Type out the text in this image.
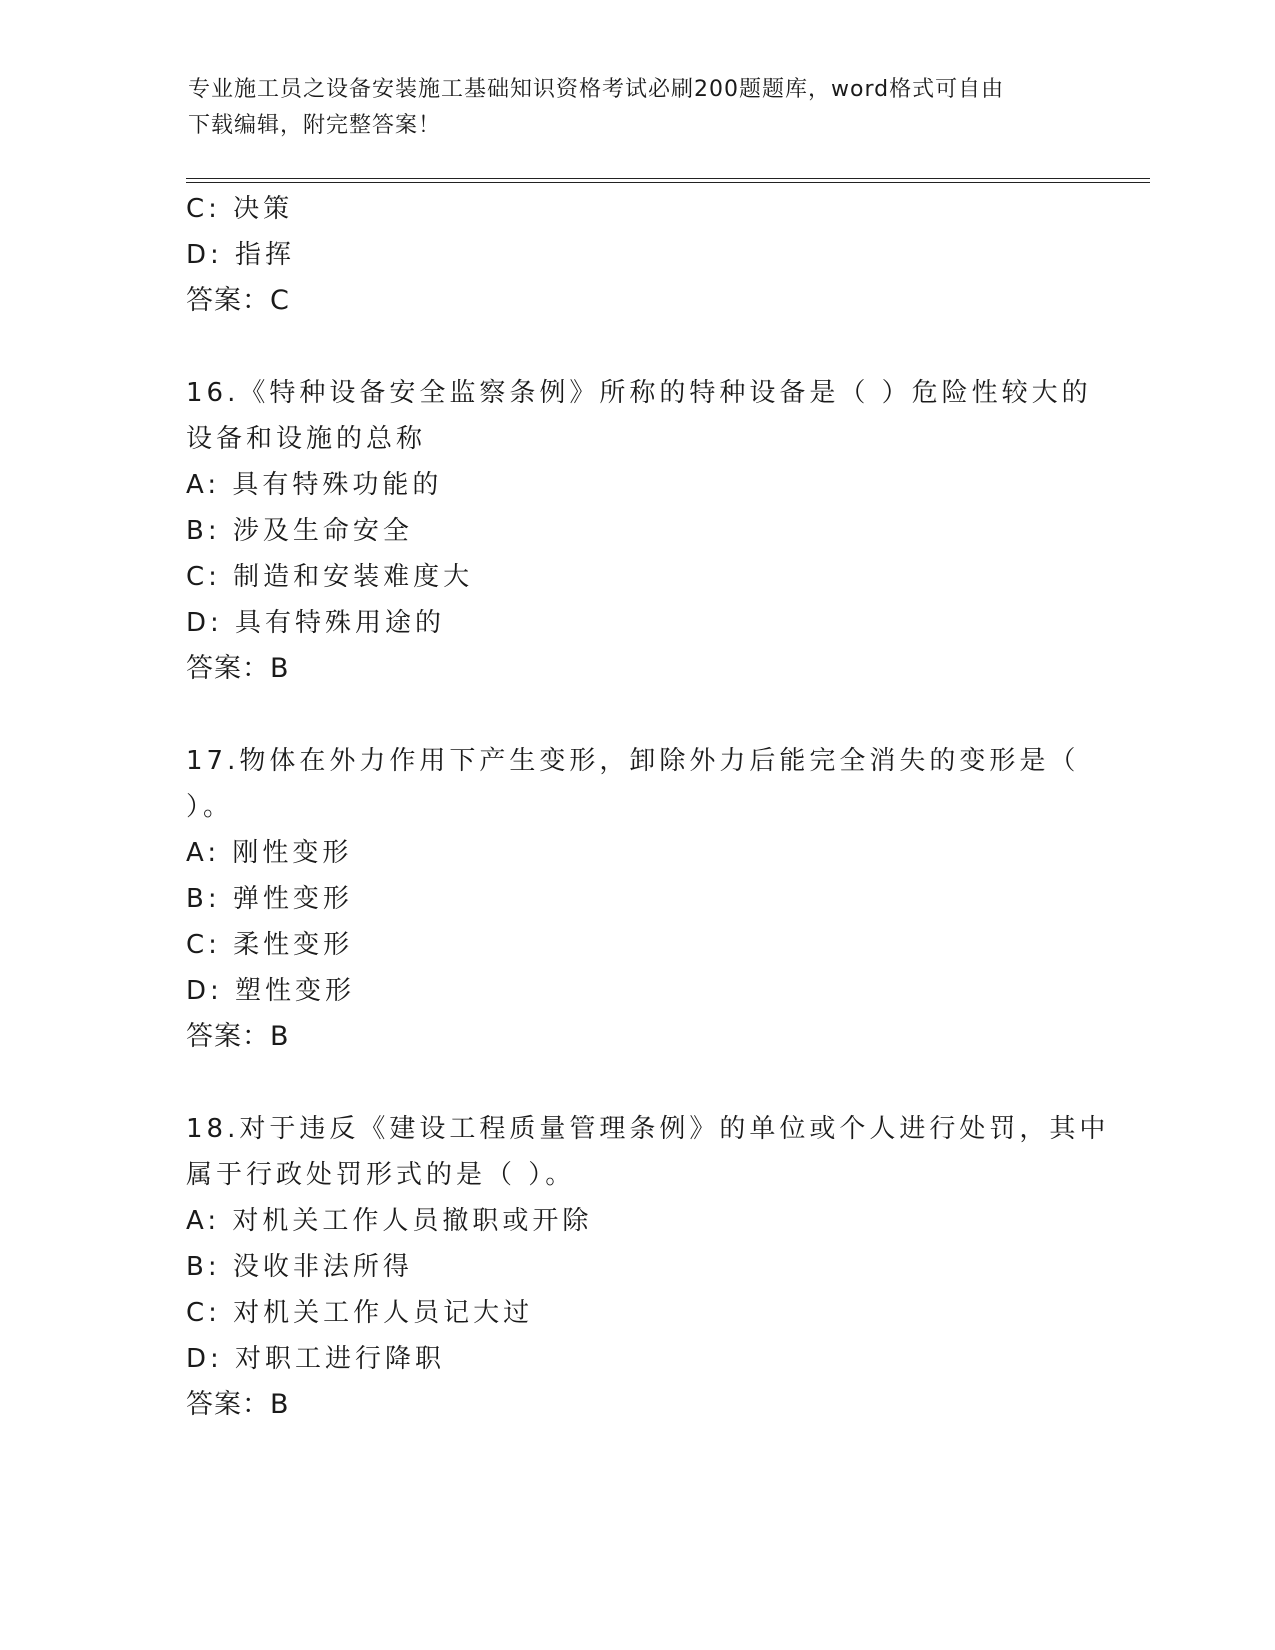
专业施工员之设备安装施工基础知识资格考试必刷200题题库，word格式可自由
下载编辑，附完整答案！
C: 决策
D: 指挥
答案：C
16.《特种设备安全监察条例》所称的特种设备是（ ）危险性较大的
设备和设施的总称
A: 具有特殊功能的
B: 涉及生命安全
C: 制造和安装难度大
D: 具有特殊用途的
答案：B
17.物体在外力作用下产生变形，卸除外力后能完全消失的变形是（
）。
A: 刚性变形
B: 弹性变形
C: 柔性变形
D: 塑性变形
答案：B
18.对于违反《建设工程质量管理条例》的单位或个人进行处罚，其中
属于行政处罚形式的是（ ）。
A: 对机关工作人员撤职或开除
B: 没收非法所得
C: 对机关工作人员记大过
D: 对职工进行降职
答案：B
